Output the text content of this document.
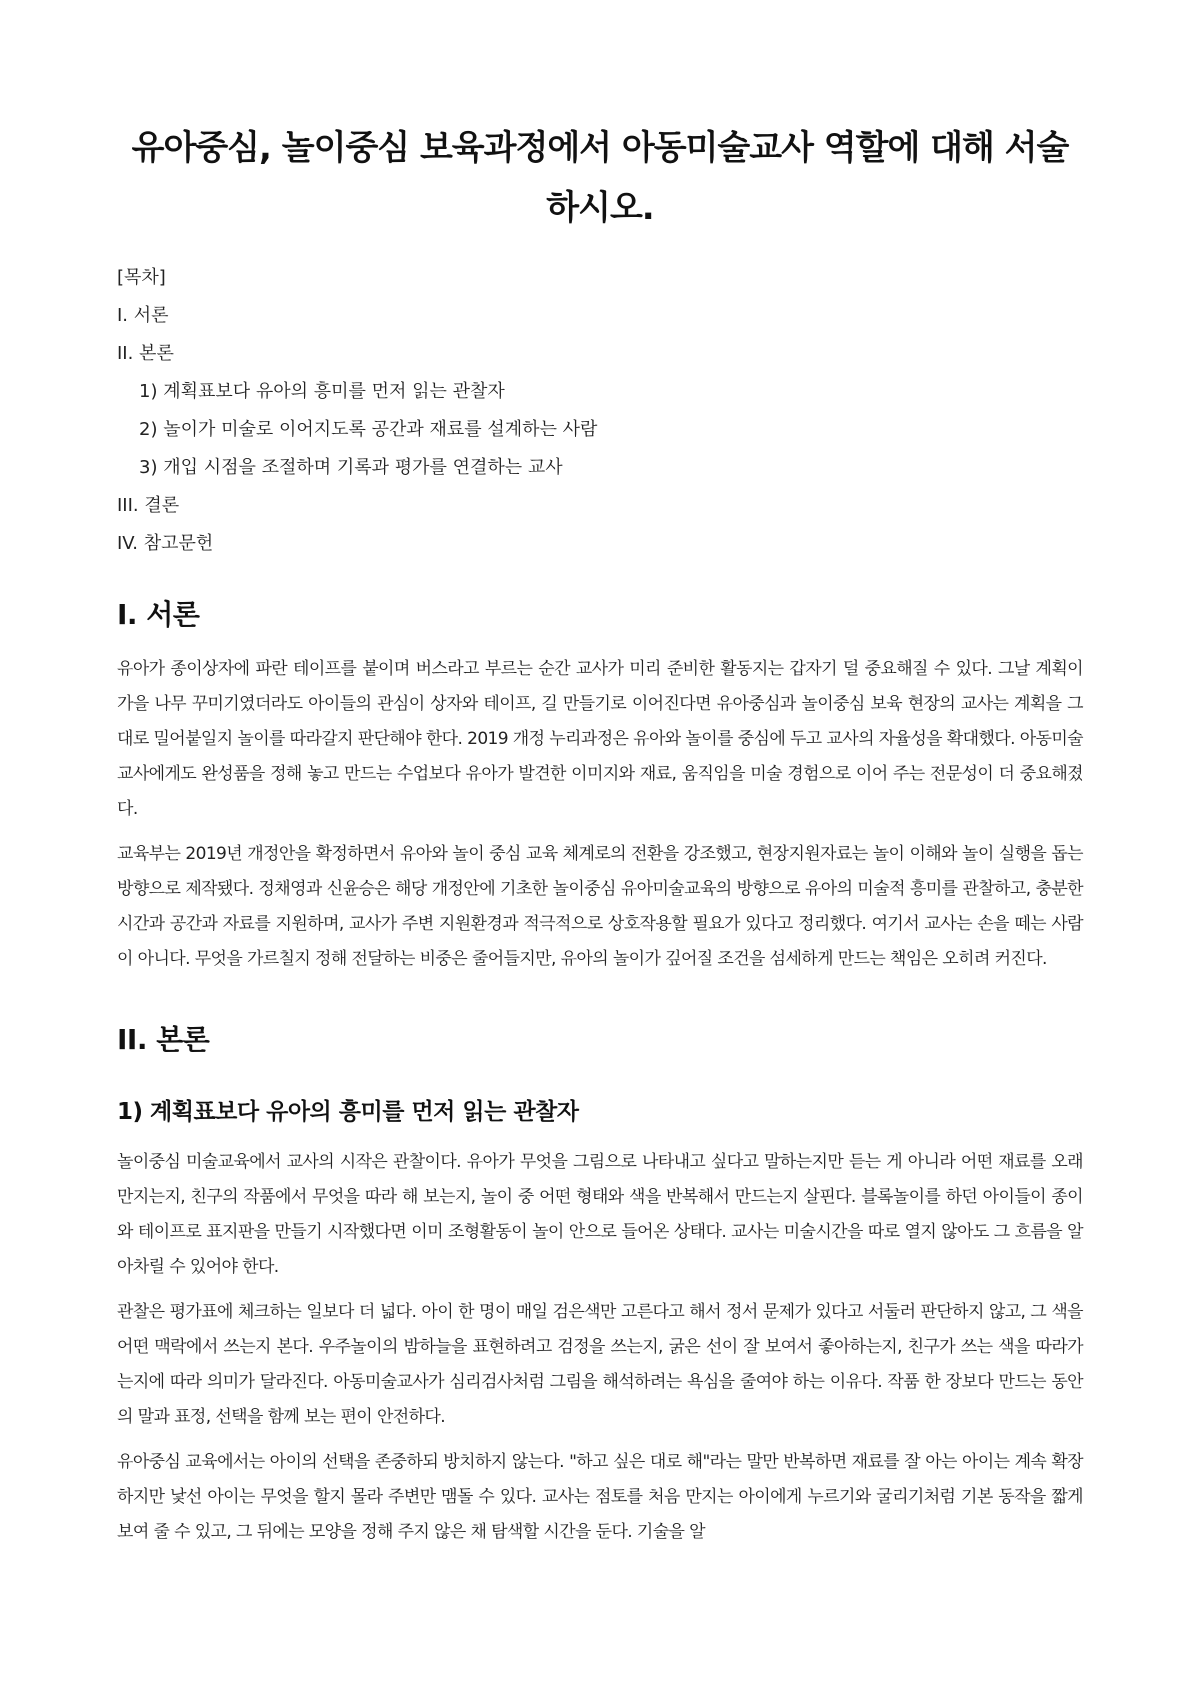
유아중심, 놀이중심 보육과정에서 아동미술교사 역할에 대해 서술하시오.

[목차]

I. 서론

II. 본론

1) 계획표보다 유아의 흥미를 먼저 읽는 관찰자

2) 놀이가 미술로 이어지도록 공간과 재료를 설계하는 사람

3) 개입 시점을 조절하며 기록과 평가를 연결하는 교사

III. 결론

IV. 참고문헌

I. 서론

유아가 종이상자에 파란 테이프를 붙이며 버스라고 부르는 순간 교사가 미리 준비한 활동지는 갑자기 덜 중요해질 수 있다. 그날 계획이 가을 나무 꾸미기였더라도 아이들의 관심이 상자와 테이프, 길 만들기로 이어진다면 유아중심과 놀이중심 보육 현장의 교사는 계획을 그대로 밀어붙일지 놀이를 따라갈지 판단해야 한다. 2019 개정 누리과정은 유아와 놀이를 중심에 두고 교사의 자율성을 확대했다. 아동미술교사에게도 완성품을 정해 놓고 만드는 수업보다 유아가 발견한 이미지와 재료, 움직임을 미술 경험으로 이어 주는 전문성이 더 중요해졌다.

교육부는 2019년 개정안을 확정하면서 유아와 놀이 중심 교육 체계로의 전환을 강조했고, 현장지원자료는 놀이 이해와 놀이 실행을 돕는 방향으로 제작됐다. 정채영과 신윤승은 해당 개정안에 기초한 놀이중심 유아미술교육의 방향으로 유아의 미술적 흥미를 관찰하고, 충분한 시간과 공간과 자료를 지원하며, 교사가 주변 지원환경과 적극적으로 상호작용할 필요가 있다고 정리했다. 여기서 교사는 손을 떼는 사람이 아니다. 무엇을 가르칠지 정해 전달하는 비중은 줄어들지만, 유아의 놀이가 깊어질 조건을 섬세하게 만드는 책임은 오히려 커진다.

II. 본론
1) 계획표보다 유아의 흥미를 먼저 읽는 관찰자

놀이중심 미술교육에서 교사의 시작은 관찰이다. 유아가 무엇을 그림으로 나타내고 싶다고 말하는지만 듣는 게 아니라 어떤 재료를 오래 만지는지, 친구의 작품에서 무엇을 따라 해 보는지, 놀이 중 어떤 형태와 색을 반복해서 만드는지 살핀다. 블록놀이를 하던 아이들이 종이와 테이프로 표지판을 만들기 시작했다면 이미 조형활동이 놀이 안으로 들어온 상태다. 교사는 미술시간을 따로 열지 않아도 그 흐름을 알아차릴 수 있어야 한다.

관찰은 평가표에 체크하는 일보다 더 넓다. 아이 한 명이 매일 검은색만 고른다고 해서 정서 문제가 있다고 서둘러 판단하지 않고, 그 색을 어떤 맥락에서 쓰는지 본다. 우주놀이의 밤하늘을 표현하려고 검정을 쓰는지, 굵은 선이 잘 보여서 좋아하는지, 친구가 쓰는 색을 따라가는지에 따라 의미가 달라진다. 아동미술교사가 심리검사처럼 그림을 해석하려는 욕심을 줄여야 하는 이유다. 작품 한 장보다 만드는 동안의 말과 표정, 선택을 함께 보는 편이 안전하다.

유아중심 교육에서는 아이의 선택을 존중하되 방치하지 않는다. "하고 싶은 대로 해"라는 말만 반복하면 재료를 잘 아는 아이는 계속 확장하지만 낯선 아이는 무엇을 할지 몰라 주변만 맴돌 수 있다. 교사는 점토를 처음 만지는 아이에게 누르기와 굴리기처럼 기본 동작을 짧게 보여 줄 수 있고, 그 뒤에는 모양을 정해 주지 않은 채 탐색할 시간을 둔다. 기술을 알
